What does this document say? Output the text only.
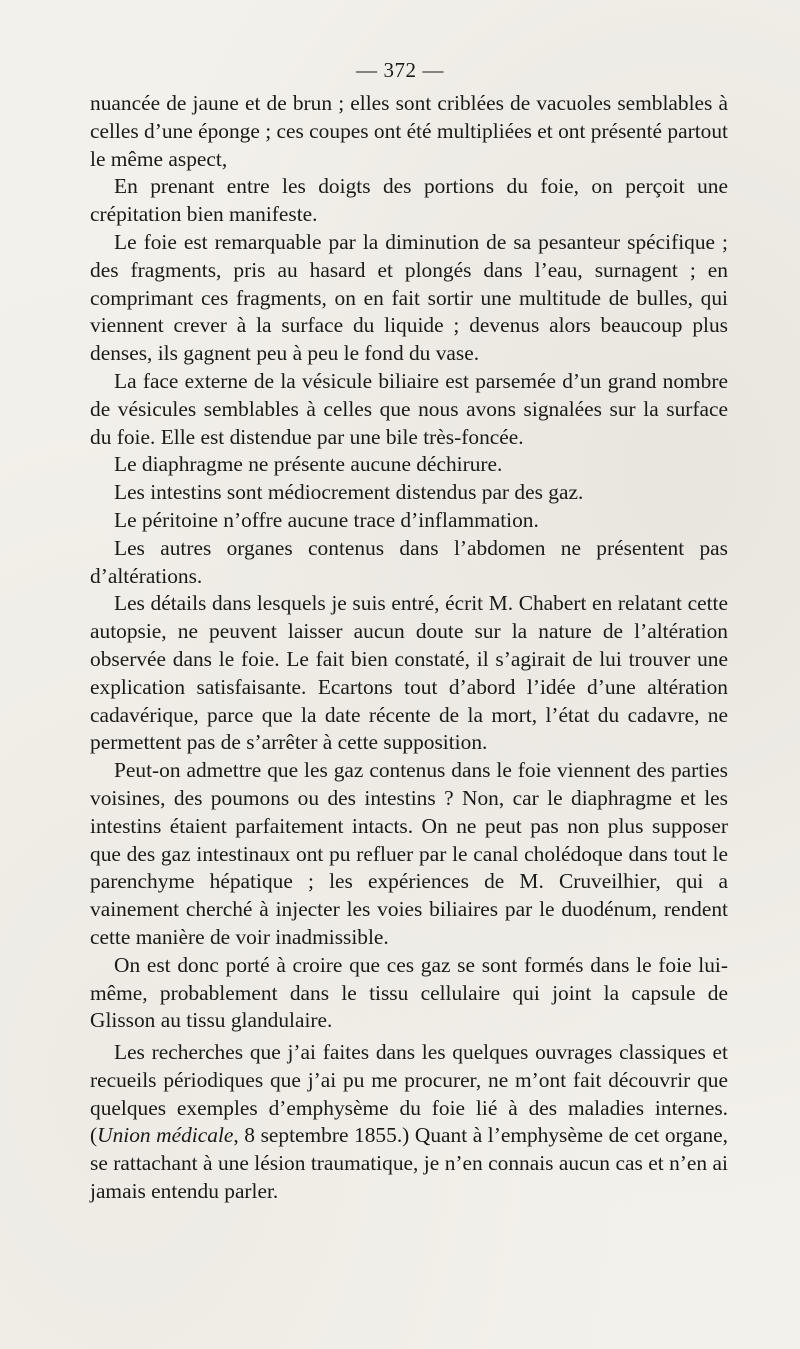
— 372 —

nuancée de jaune et de brun ; elles sont criblées de vacuoles semblables à celles d’une éponge ; ces coupes ont été multipliées et ont présenté partout le même aspect,

En prenant entre les doigts des portions du foie, on perçoit une crépitation bien manifeste.

Le foie est remarquable par la diminution de sa pesanteur spécifique ; des fragments, pris au hasard et plongés dans l’eau, surnagent ; en comprimant ces fragments, on en fait sortir une multitude de bulles, qui viennent crever à la surface du liquide ; devenus alors beaucoup plus denses, ils gagnent peu à peu le fond du vase.

La face externe de la vésicule biliaire est parsemée d’un grand nombre de vésicules semblables à celles que nous avons signalées sur la surface du foie. Elle est distendue par une bile très-foncée.

Le diaphragme ne présente aucune déchirure.

Les intestins sont médiocrement distendus par des gaz.

Le péritoine n’offre aucune trace d’inflammation.

Les autres organes contenus dans l’abdomen ne présentent pas d’altérations.

Les détails dans lesquels je suis entré, écrit M. Chabert en relatant cette autopsie, ne peuvent laisser aucun doute sur la nature de l’altération observée dans le foie. Le fait bien constaté, il s’agirait de lui trouver une explication satisfaisante. Ecartons tout d’abord l’idée d’une altération cadavérique, parce que la date récente de la mort, l’état du cadavre, ne permettent pas de s’arrêter à cette supposition.

Peut-on admettre que les gaz contenus dans le foie viennent des parties voisines, des poumons ou des intestins ? Non, car le diaphragme et les intestins étaient parfaitement intacts. On ne peut pas non plus supposer que des gaz intestinaux ont pu refluer par le canal cholédoque dans tout le parenchyme hépatique ; les expériences de M. Cruveilhier, qui a vainement cherché à injecter les voies biliaires par le duodénum, rendent cette manière de voir inadmissible.

On est donc porté à croire que ces gaz se sont formés dans le foie lui-même, probablement dans le tissu cellulaire qui joint la capsule de Glisson au tissu glandulaire.

Les recherches que j’ai faites dans les quelques ouvrages classiques et recueils périodiques que j’ai pu me procurer, ne m’ont fait découvrir que quelques exemples d’emphysème du foie lié à des maladies internes. (Union médicale, 8 septembre 1855.) Quant à l’emphysème de cet organe, se rattachant à une lésion traumatique, je n’en connais aucun cas et n’en ai jamais entendu parler.
